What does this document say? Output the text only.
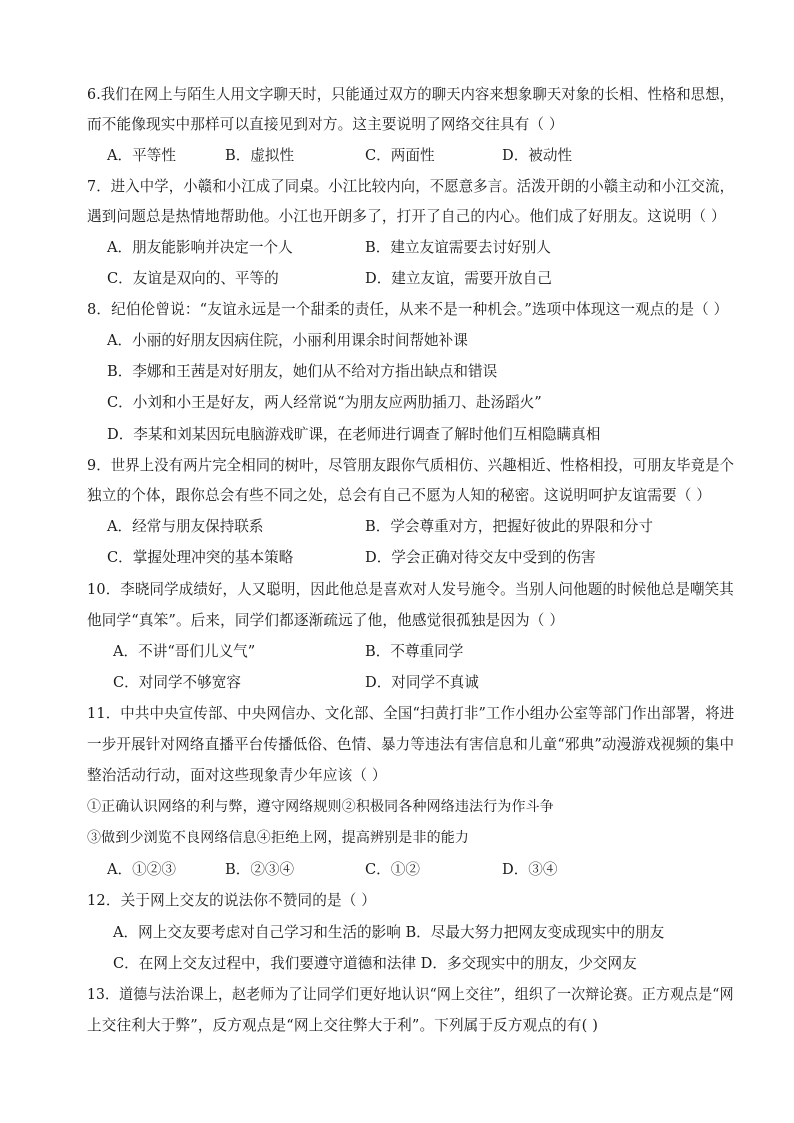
6.我们在网上与陌生人用文字聊天时，只能通过双方的聊天内容来想象聊天对象的长相、性格和思想，
而不能像现实中那样可以直接见到对方。这主要说明了网络交往具有（ ）
A．平等性	B．虚拟性	C．两面性	D．被动性
7．进入中学，小赣和小江成了同桌。小江比较内向，不愿意多言。活泼开朗的小赣主动和小江交流，
遇到问题总是热情地帮助他。小江也开朗多了，打开了自己的内心。他们成了好朋友。这说明（ ）
A．朋友能影响并决定一个人	B．建立友谊需要去讨好别人
C．友谊是双向的、平等的	D．建立友谊，需要开放自己
8．纪伯伦曾说：“友谊永远是一个甜柔的责任，从来不是一种机会。”选项中体现这一观点的是（ ）
A．小丽的好朋友因病住院，小丽利用课余时间帮她补课
B．李娜和王茜是对好朋友，她们从不给对方指出缺点和错误
C．小刘和小王是好友，两人经常说“为朋友应两肋插刀、赴汤蹈火”
D．李某和刘某因玩电脑游戏旷课，在老师进行调查了解时他们互相隐瞒真相
9．世界上没有两片完全相同的树叶，尽管朋友跟你气质相仿、兴趣相近、性格相投，可朋友毕竟是个
独立的个体，跟你总会有些不同之处，总会有自己不愿为人知的秘密。这说明呵护友谊需要（ ）
A．经常与朋友保持联系	B．学会尊重对方，把握好彼此的界限和分寸
C．掌握处理冲突的基本策略	D．学会正确对待交友中受到的伤害
10．李晓同学成绩好，人又聪明，因此他总是喜欢对人发号施令。当别人问他题的时候他总是嘲笑其
他同学“真笨”。后来，同学们都逐渐疏远了他，他感觉很孤独是因为（ ）
A．不讲“哥们儿义气”	B．不尊重同学
C．对同学不够宽容	D．对同学不真诚
11．中共中央宣传部、中央网信办、文化部、全国“扫黄打非”工作小组办公室等部门作出部署，将进
一步开展针对网络直播平台传播低俗、色情、暴力等违法有害信息和儿童“邪典”动漫游戏视频的集中
整治活动行动，面对这些现象青少年应该（ ）
①正确认识网络的利与弊，遵守网络规则②积极同各种网络违法行为作斗争
③做到少浏览不良网络信息④拒绝上网，提高辨别是非的能力
A．①②③	B．②③④	C．①②	D．③④
12．关于网上交友的说法你不赞同的是（ ）
A．网上交友要考虑对自己学习和生活的影响 B．尽最大努力把网友变成现实中的朋友
C．在网上交友过程中，我们要遵守道德和法律 D．多交现实中的朋友，少交网友
13．道德与法治课上，赵老师为了让同学们更好地认识“网上交往”，组织了一次辩论赛。正方观点是“网
上交往利大于弊”，反方观点是“网上交往弊大于利”。下列属于反方观点的有( )
